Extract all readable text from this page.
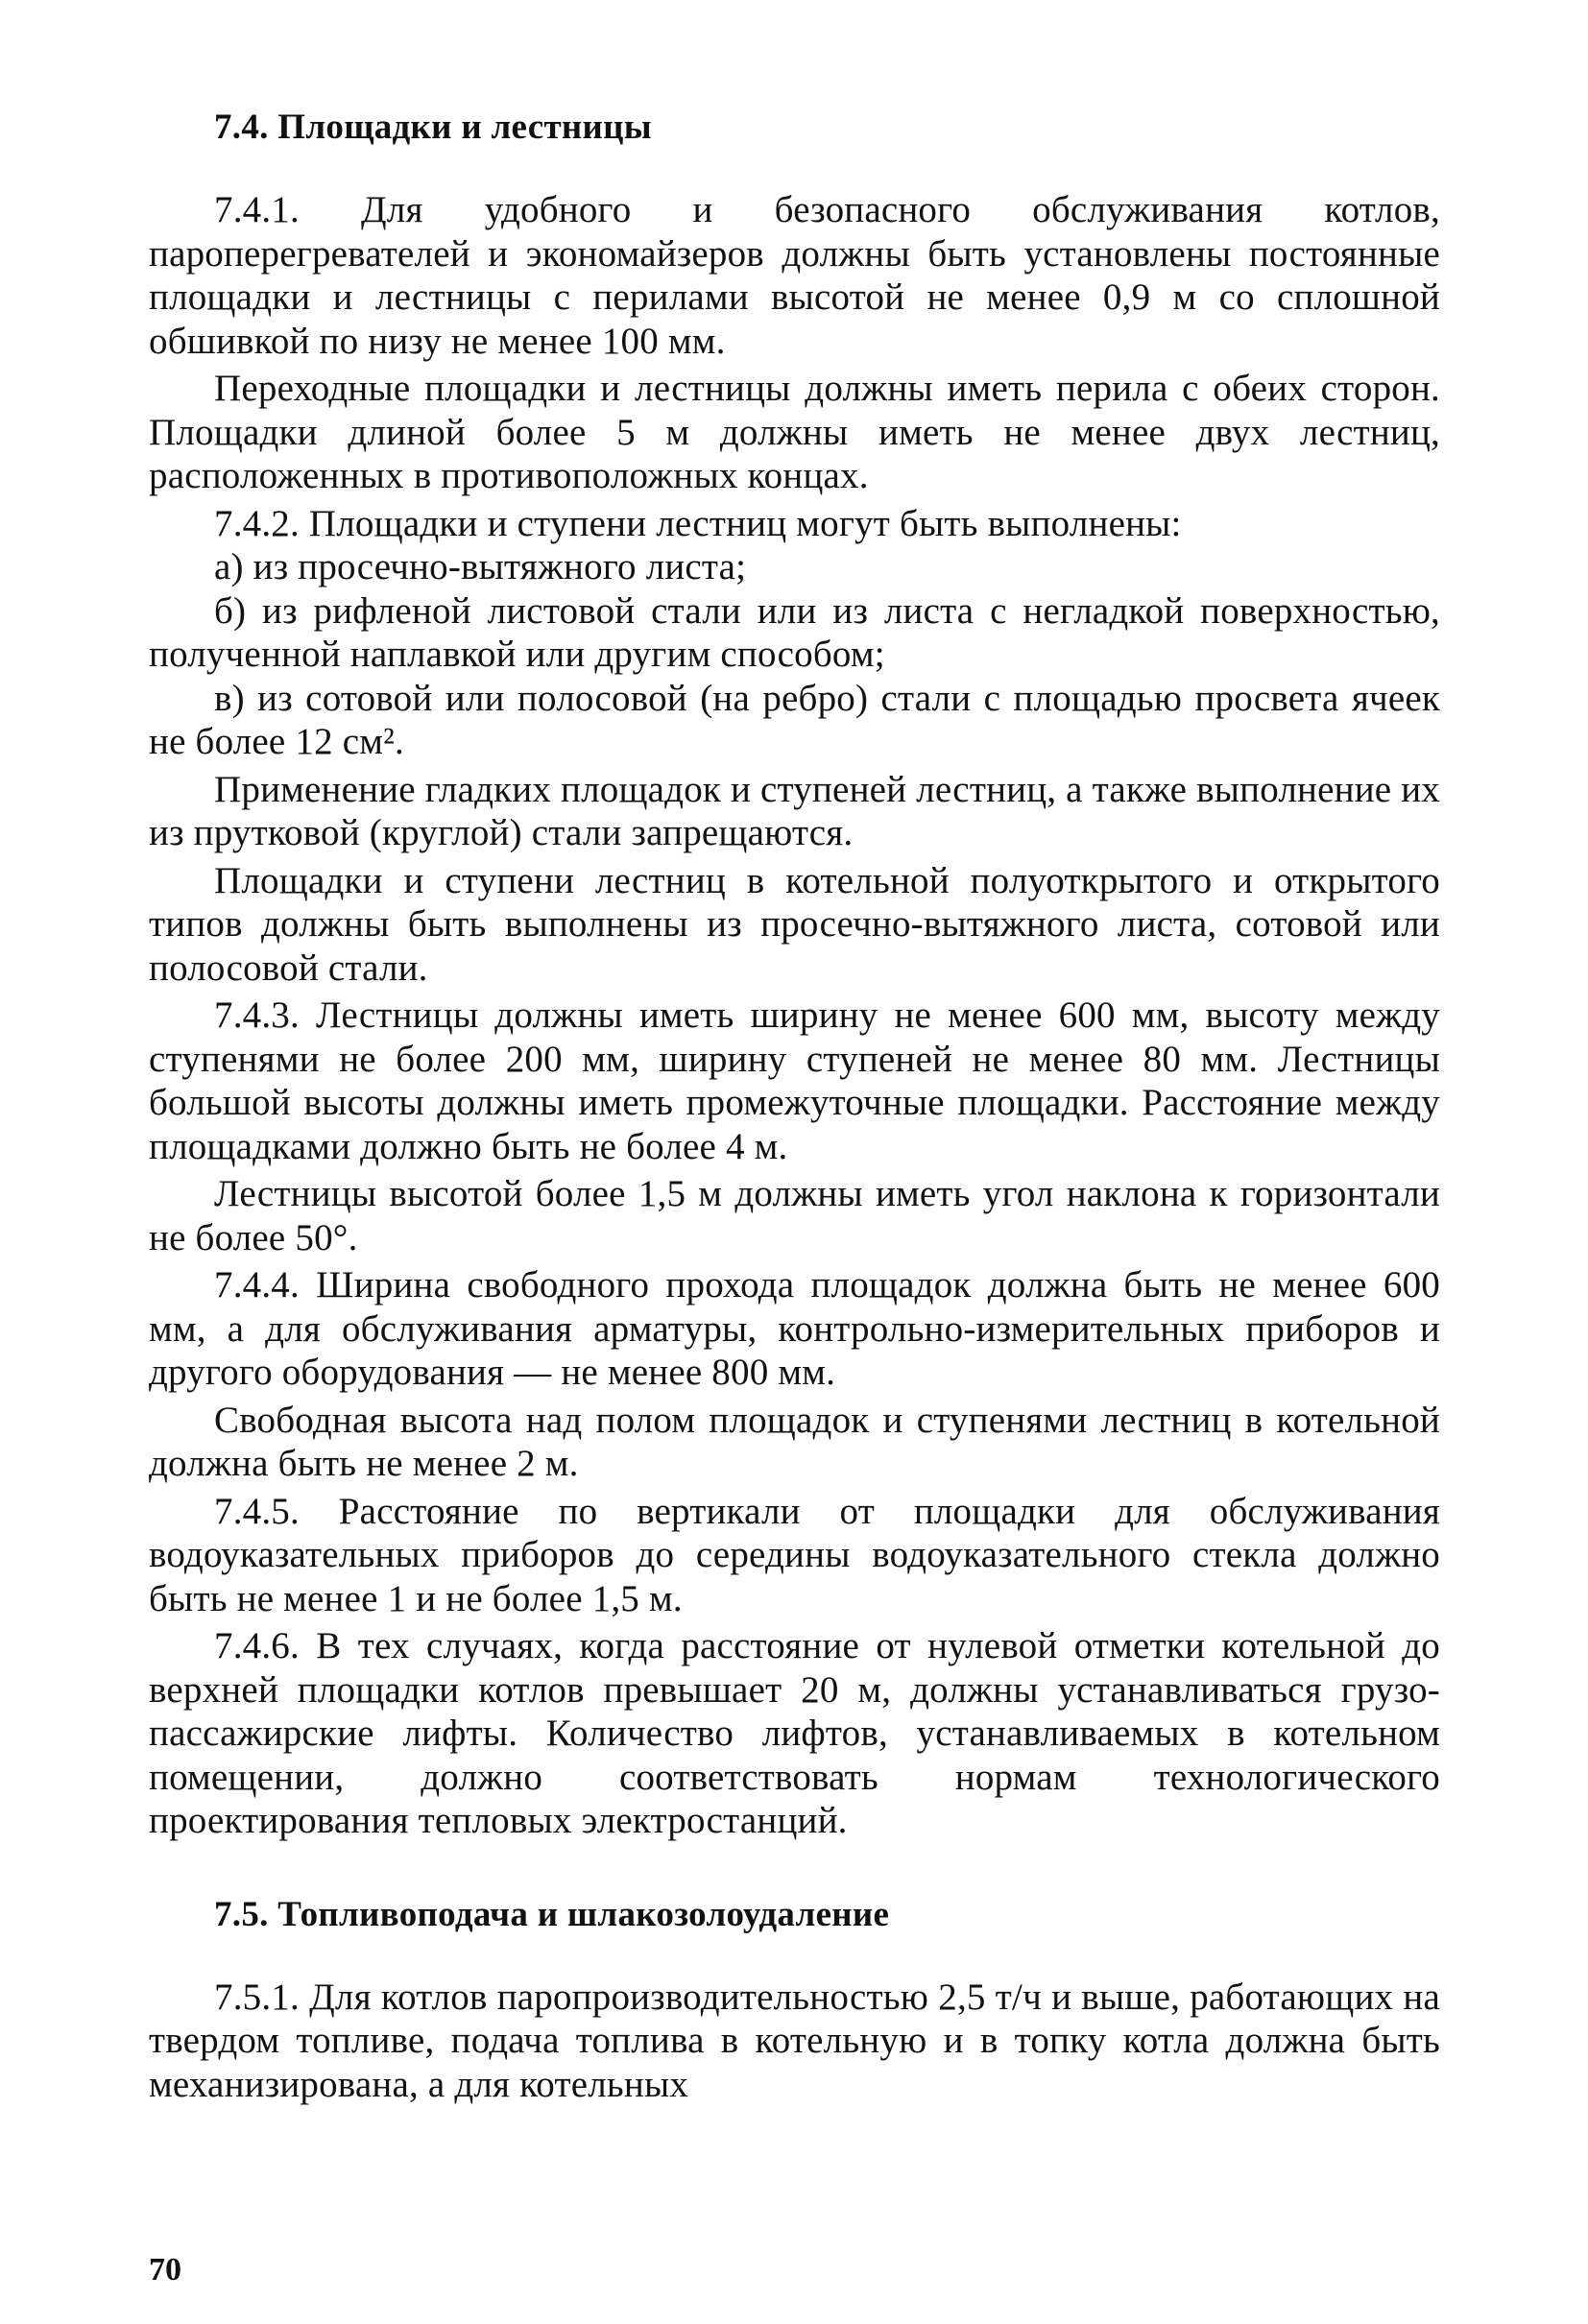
7.4. Площадки и лестницы

7.4.1. Для удобного и безопасного обслуживания котлов, пароперегревателей и экономайзеров должны быть установлены постоянные площадки и лестницы с перилами высотой не менее 0,9 м со сплошной обшивкой по низу не менее 100 мм.

Переходные площадки и лестницы должны иметь перила с обеих сторон. Площадки длиной более 5 м должны иметь не менее двух лестниц, расположенных в противоположных концах.

7.4.2. Площадки и ступени лестниц могут быть выполнены:

а) из просечно-вытяжного листа;

б) из рифленой листовой стали или из листа с негладкой поверхностью, полученной наплавкой или другим способом;

в) из сотовой или полосовой (на ребро) стали с площадью просвета ячеек не более 12 см².

Применение гладких площадок и ступеней лестниц, а также выполнение их из прутковой (круглой) стали запрещаются.

Площадки и ступени лестниц в котельной полуоткрытого и открытого типов должны быть выполнены из просечно-вытяжного листа, сотовой или полосовой стали.

7.4.3. Лестницы должны иметь ширину не менее 600 мм, высоту между ступенями не более 200 мм, ширину ступеней не менее 80 мм. Лестницы большой высоты должны иметь промежуточные площадки. Расстояние между площадками должно быть не более 4 м.

Лестницы высотой более 1,5 м должны иметь угол наклона к горизонтали не более 50°.

7.4.4. Ширина свободного прохода площадок должна быть не менее 600 мм, а для обслуживания арматуры, контрольно-измерительных приборов и другого оборудования — не менее 800 мм.

Свободная высота над полом площадок и ступенями лестниц в котельной должна быть не менее 2 м.

7.4.5. Расстояние по вертикали от площадки для обслуживания водоуказательных приборов до середины водоуказательного стекла должно быть не менее 1 и не более 1,5 м.

7.4.6. В тех случаях, когда расстояние от нулевой отметки котельной до верхней площадки котлов превышает 20 м, должны устанавливаться грузо-пассажирские лифты. Количество лифтов, устанавливаемых в котельном помещении, должно соответствовать нормам технологического проектирования тепловых электростанций.

7.5. Топливоподача и шлакозолоудаление

7.5.1. Для котлов паропроизводительностью 2,5 т/ч и выше, работающих на твердом топливе, подача топлива в котельную и в топку котла должна быть механизирована, а для котельных

70
